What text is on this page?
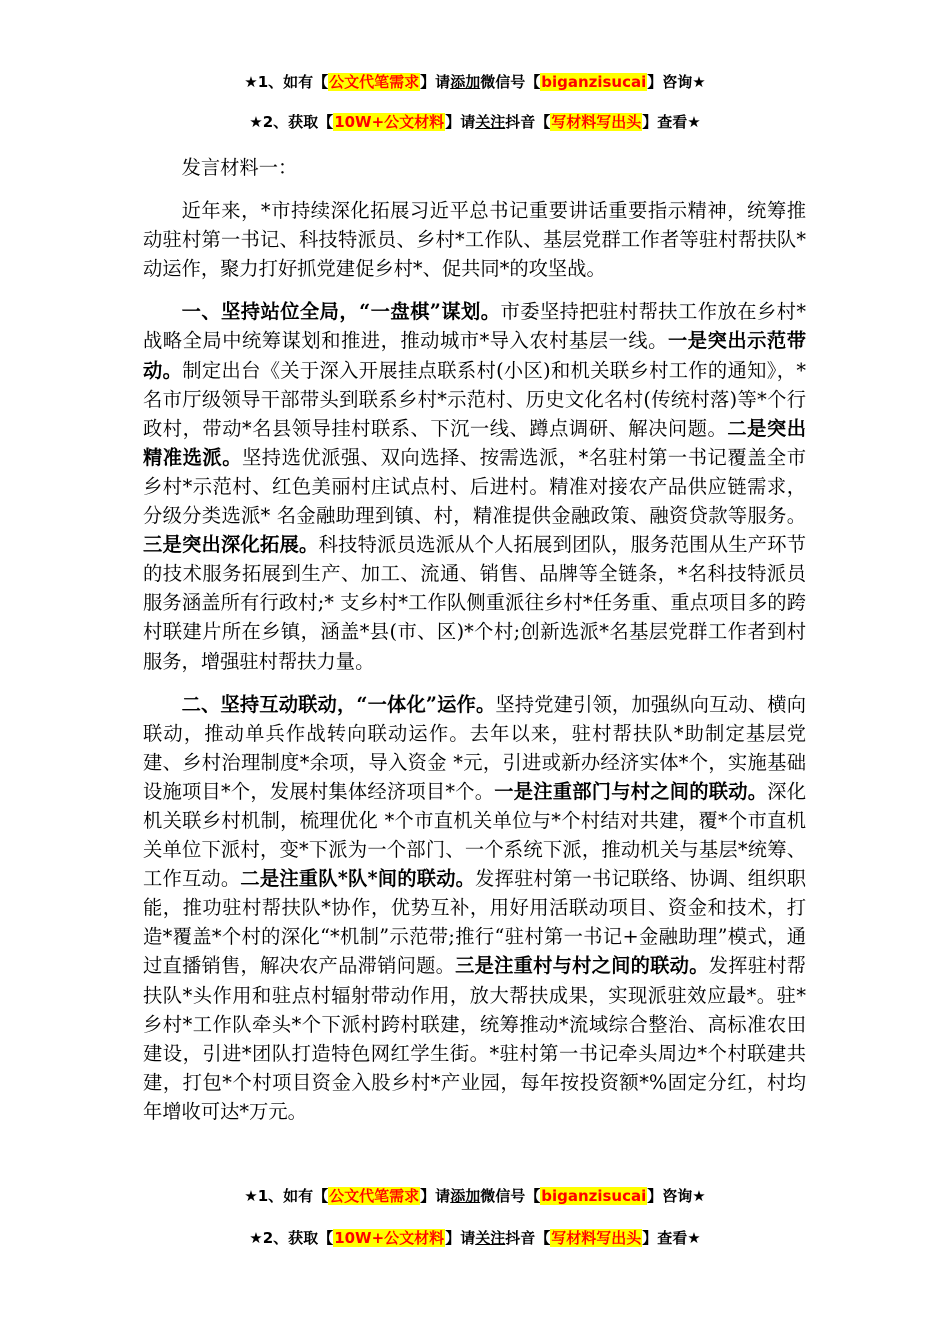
★1、如有【公文代笔需求】请添加微信号【biganzisucai】咨询★
★2、获取【10W+公文材料】请关注抖音【写材料写出头】查看★

发言材料一：

近年来，*市持续深化拓展习近平总书记重要讲话重要指示精神，统筹推动驻村第一书记、科技特派员、乡村*工作队、基层党群工作者等驻村帮扶队*动运作，聚力打好抓党建促乡村*、促共同*的攻坚战。

一、坚持站位全局，“一盘棋”谋划。市委坚持把驻村帮扶工作放在乡村*战略全局中统筹谋划和推进，推动城市*导入农村基层一线。一是突出示范带动。制定出台《关于深入开展挂点联系村(小区)和机关联乡村工作的通知》，*名市厅级领导干部带头到联系乡村*示范村、历史文化名村(传统村落)等*个行政村，带动*名县领导挂村联系、下沉一线、蹲点调研、解决问题。二是突出精准选派。坚持选优派强、双向选择、按需选派，*名驻村第一书记覆盖全市乡村*示范村、红色美丽村庄试点村、后进村。精准对接农产品供应链需求，分级分类选派* 名金融助理到镇、村，精准提供金融政策、融资贷款等服务。三是突出深化拓展。科技特派员选派从个人拓展到团队，服务范围从生产环节的技术服务拓展到生产、加工、流通、销售、品牌等全链条，*名科技特派员服务涵盖所有行政村;* 支乡村*工作队侧重派往乡村*任务重、重点项目多的跨村联建片所在乡镇，涵盖*县(市、区)*个村;创新选派*名基层党群工作者到村服务，增强驻村帮扶力量。

二、坚持互动联动，“一体化”运作。坚持党建引领，加强纵向互动、横向联动，推动单兵作战转向联动运作。去年以来，驻村帮扶队*助制定基层党建、乡村治理制度*余项，导入资金 *元，引进或新办经济实体*个，实施基础设施项目*个，发展村集体经济项目*个。一是注重部门与村之间的联动。深化机关联乡村机制，梳理优化 *个市直机关单位与*个村结对共建，覆*个市直机关单位下派村，变*下派为一个部门、一个系统下派，推动机关与基层*统筹、工作互动。二是注重队*队*间的联动。发挥驻村第一书记联络、协调、组织职能，推功驻村帮扶队*协作，优势互补，用好用活联动项目、资金和技术，打造*覆盖*个村的深化“*机制”示范带;推行“驻村第一书记+金融助理”模式，通过直播销售，解决农产品滞销问题。三是注重村与村之间的联动。发挥驻村帮扶队*头作用和驻点村辐射带动作用，放大帮扶成果，实现派驻效应最*。驻*乡村*工作队牵头*个下派村跨村联建，统筹推动*流域综合整治、高标准农田建设，引进*团队打造特色网红学生街。*驻村第一书记牵头周边*个村联建共建，打包*个村项目资金入股乡村*产业园，每年按投资额*%固定分红，村均年增收可达*万元。

★1、如有【公文代笔需求】请添加微信号【biganzisucai】咨询★
★2、获取【10W+公文材料】请关注抖音【写材料写出头】查看★
